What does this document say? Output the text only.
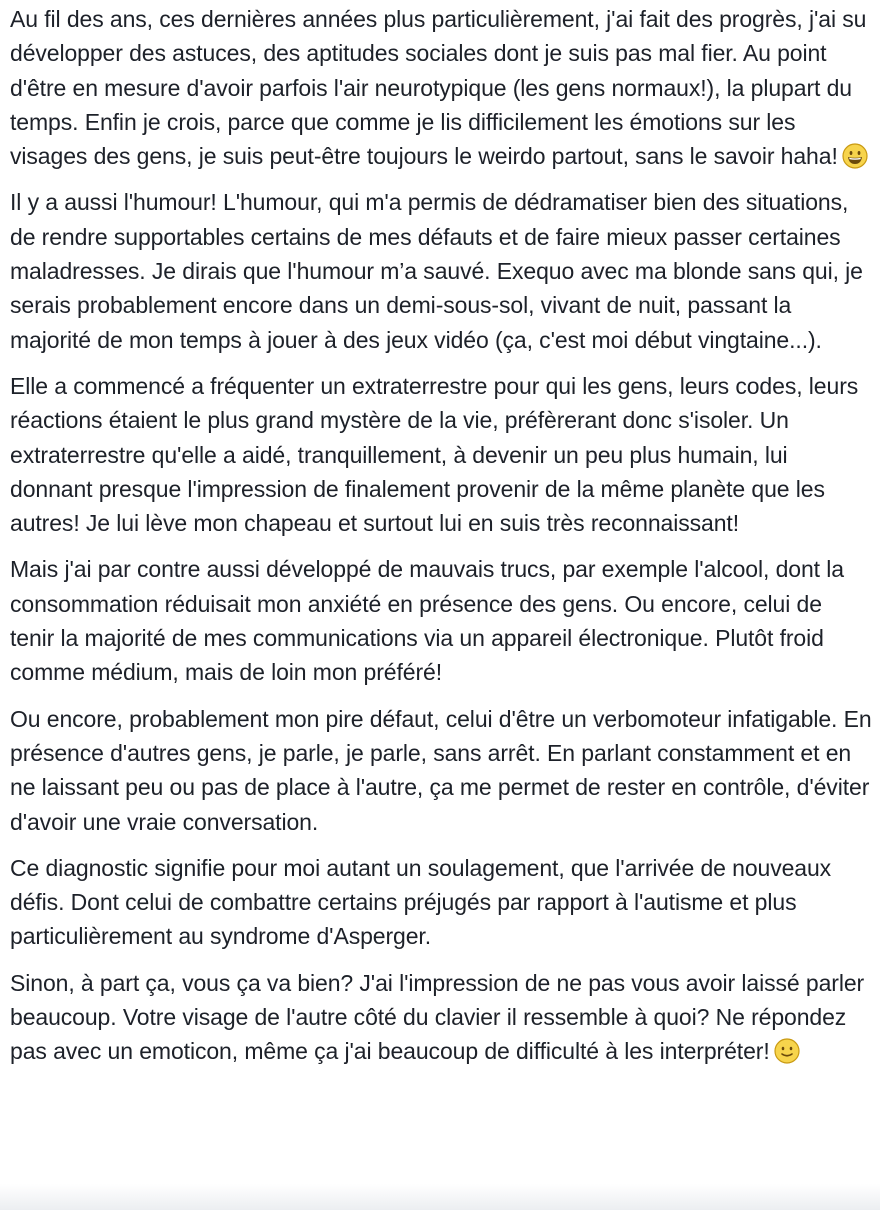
Au fil des ans, ces dernières années plus particulièrement, j'ai fait des progrès, j'ai su développer des astuces, des aptitudes sociales dont je suis pas mal fier. Au point d'être en mesure d'avoir parfois l'air neurotypique (les gens normaux!), la plupart du temps. Enfin je crois, parce que comme je lis difficilement les émotions sur les visages des gens, je suis peut-être toujours le weirdo partout, sans le savoir haha!

Il y a aussi l'humour! L'humour, qui m'a permis de dédramatiser bien des situations, de rendre supportables certains de mes défauts et de faire mieux passer certaines maladresses. Je dirais que l'humour m’a sauvé. Exequo avec ma blonde sans qui, je serais probablement encore dans un demi-sous-sol, vivant de nuit, passant la majorité de mon temps à jouer à des jeux vidéo (ça, c'est moi début vingtaine...).

Elle a commencé a fréquenter un extraterrestre pour qui les gens, leurs codes, leurs réactions étaient le plus grand mystère de la vie, préfèrerant donc s'isoler. Un extraterrestre qu'elle a aidé, tranquillement, à devenir un peu plus humain, lui donnant presque l'impression de finalement provenir de la même planète que les autres! Je lui lève mon chapeau et surtout lui en suis très reconnaissant!

Mais j'ai par contre aussi développé de mauvais trucs, par exemple l'alcool, dont la consommation réduisait mon anxiété en présence des gens. Ou encore, celui de tenir la majorité de mes communications via un appareil électronique. Plutôt froid comme médium, mais de loin mon préféré!

Ou encore, probablement mon pire défaut, celui d'être un verbomoteur infatigable. En présence d'autres gens, je parle, je parle, sans arrêt. En parlant constamment et en ne laissant peu ou pas de place à l'autre, ça me permet de rester en contrôle, d'éviter d'avoir une vraie conversation.

Ce diagnostic signifie pour moi autant un soulagement, que l'arrivée de nouveaux défis. Dont celui de combattre certains préjugés par rapport à l'autisme et plus particulièrement au syndrome d'Asperger.

Sinon, à part ça, vous ça va bien? J'ai l'impression de ne pas vous avoir laissé parler beaucoup. Votre visage de l'autre côté du clavier il ressemble à quoi? Ne répondez pas avec un emoticon, même ça j'ai beaucoup de difficulté à les interpréter!
